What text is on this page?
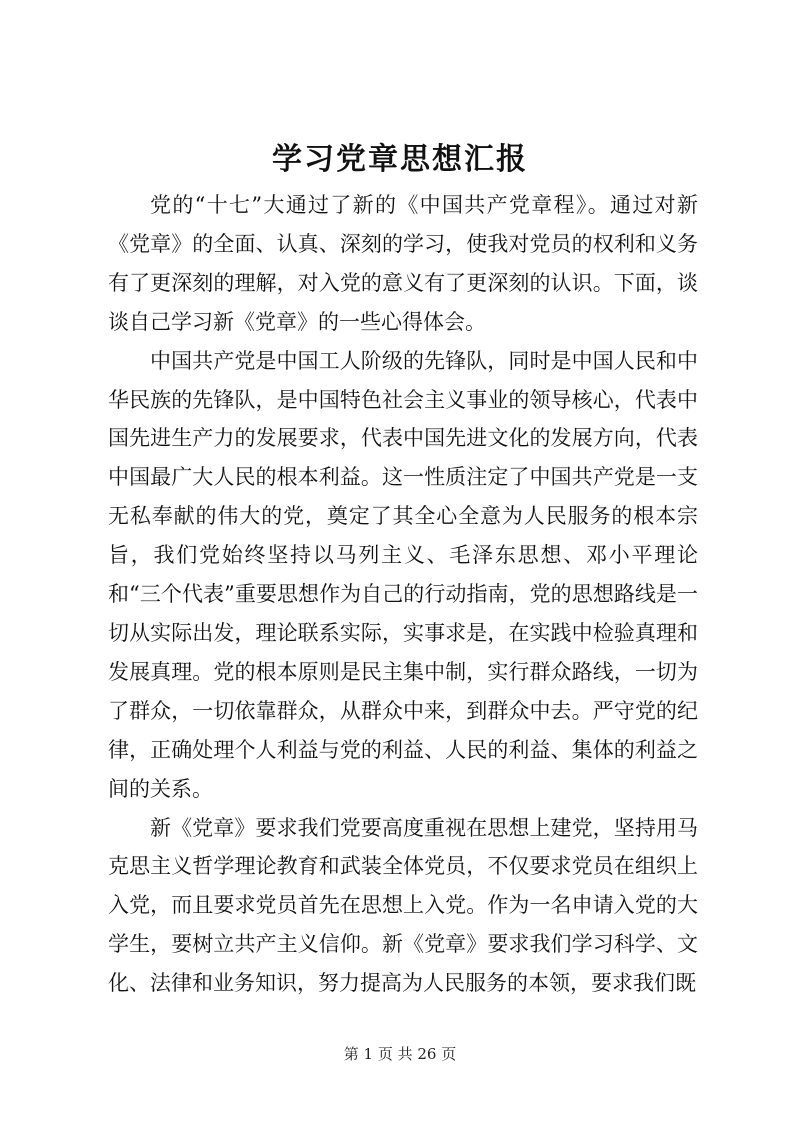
学习党章思想汇报

党的“十七”大通过了新的《中国共产党章程》。通过对新《党章》的全面、认真、深刻的学习，使我对党员的权利和义务有了更深刻的理解，对入党的意义有了更深刻的认识。下面，谈谈自己学习新《党章》的一些心得体会。

中国共产党是中国工人阶级的先锋队，同时是中国人民和中华民族的先锋队，是中国特色社会主义事业的领导核心，代表中国先进生产力的发展要求，代表中国先进文化的发展方向，代表中国最广大人民的根本利益。这一性质注定了中国共产党是一支无私奉献的伟大的党，奠定了其全心全意为人民服务的根本宗旨，我们党始终坚持以马列主义、毛泽东思想、邓小平理论和“三个代表”重要思想作为自己的行动指南，党的思想路线是一切从实际出发，理论联系实际，实事求是，在实践中检验真理和发展真理。党的根本原则是民主集中制，实行群众路线，一切为了群众，一切依靠群众，从群众中来，到群众中去。严守党的纪律，正确处理个人利益与党的利益、人民的利益、集体的利益之间的关系。

新《党章》要求我们党要高度重视在思想上建党，坚持用马克思主义哲学理论教育和武装全体党员，不仅要求党员在组织上入党，而且要求党员首先在思想上入党。作为一名申请入党的大学生，要树立共产主义信仰。新《党章》要求我们学习科学、文化、法律和业务知识，努力提高为人民服务的本领，要求我们既

第 1 页 共 26 页
